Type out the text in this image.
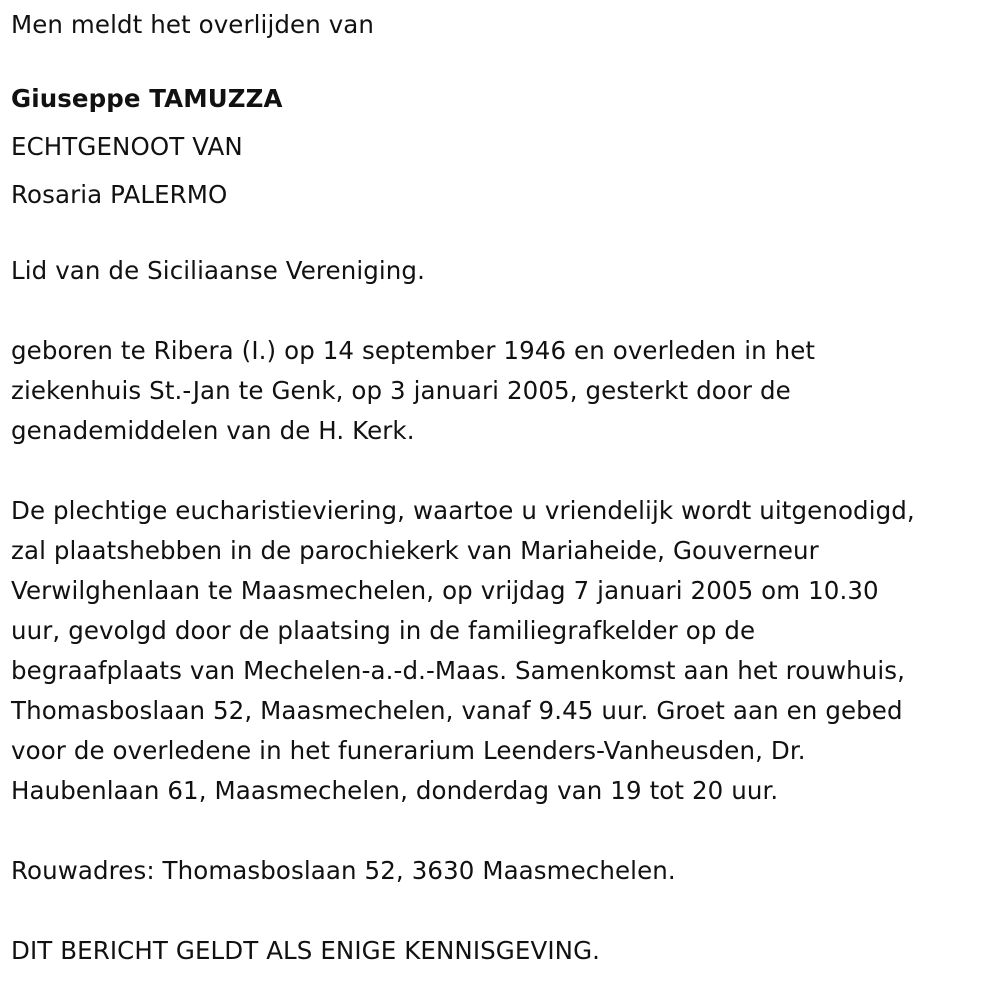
Men meldt het overlijden van

Giuseppe TAMUZZA
ECHTGENOOT VAN
Rosaria PALERMO

Lid van de Siciliaanse Vereniging.

geboren te Ribera (I.) op 14 september 1946 en overleden in het
ziekenhuis St.-Jan te Genk, op 3 januari 2005, gesterkt door de
genademiddelen van de H. Kerk.

De plechtige eucharistieviering, waartoe u vriendelijk wordt uitgenodigd,
zal plaatshebben in de parochiekerk van Mariaheide, Gouverneur
Verwilghenlaan te Maasmechelen, op vrijdag 7 januari 2005 om 10.30
uur, gevolgd door de plaatsing in de familiegrafkelder op de
begraafplaats van Mechelen-a.-d.-Maas. Samenkomst aan het rouwhuis,
Thomasboslaan 52, Maasmechelen, vanaf 9.45 uur. Groet aan en gebed
voor de overledene in het funerarium Leenders-Vanheusden, Dr.
Haubenlaan 61, Maasmechelen, donderdag van 19 tot 20 uur.

Rouwadres: Thomasboslaan 52, 3630 Maasmechelen.

DIT BERICHT GELDT ALS ENIGE KENNISGEVING.
